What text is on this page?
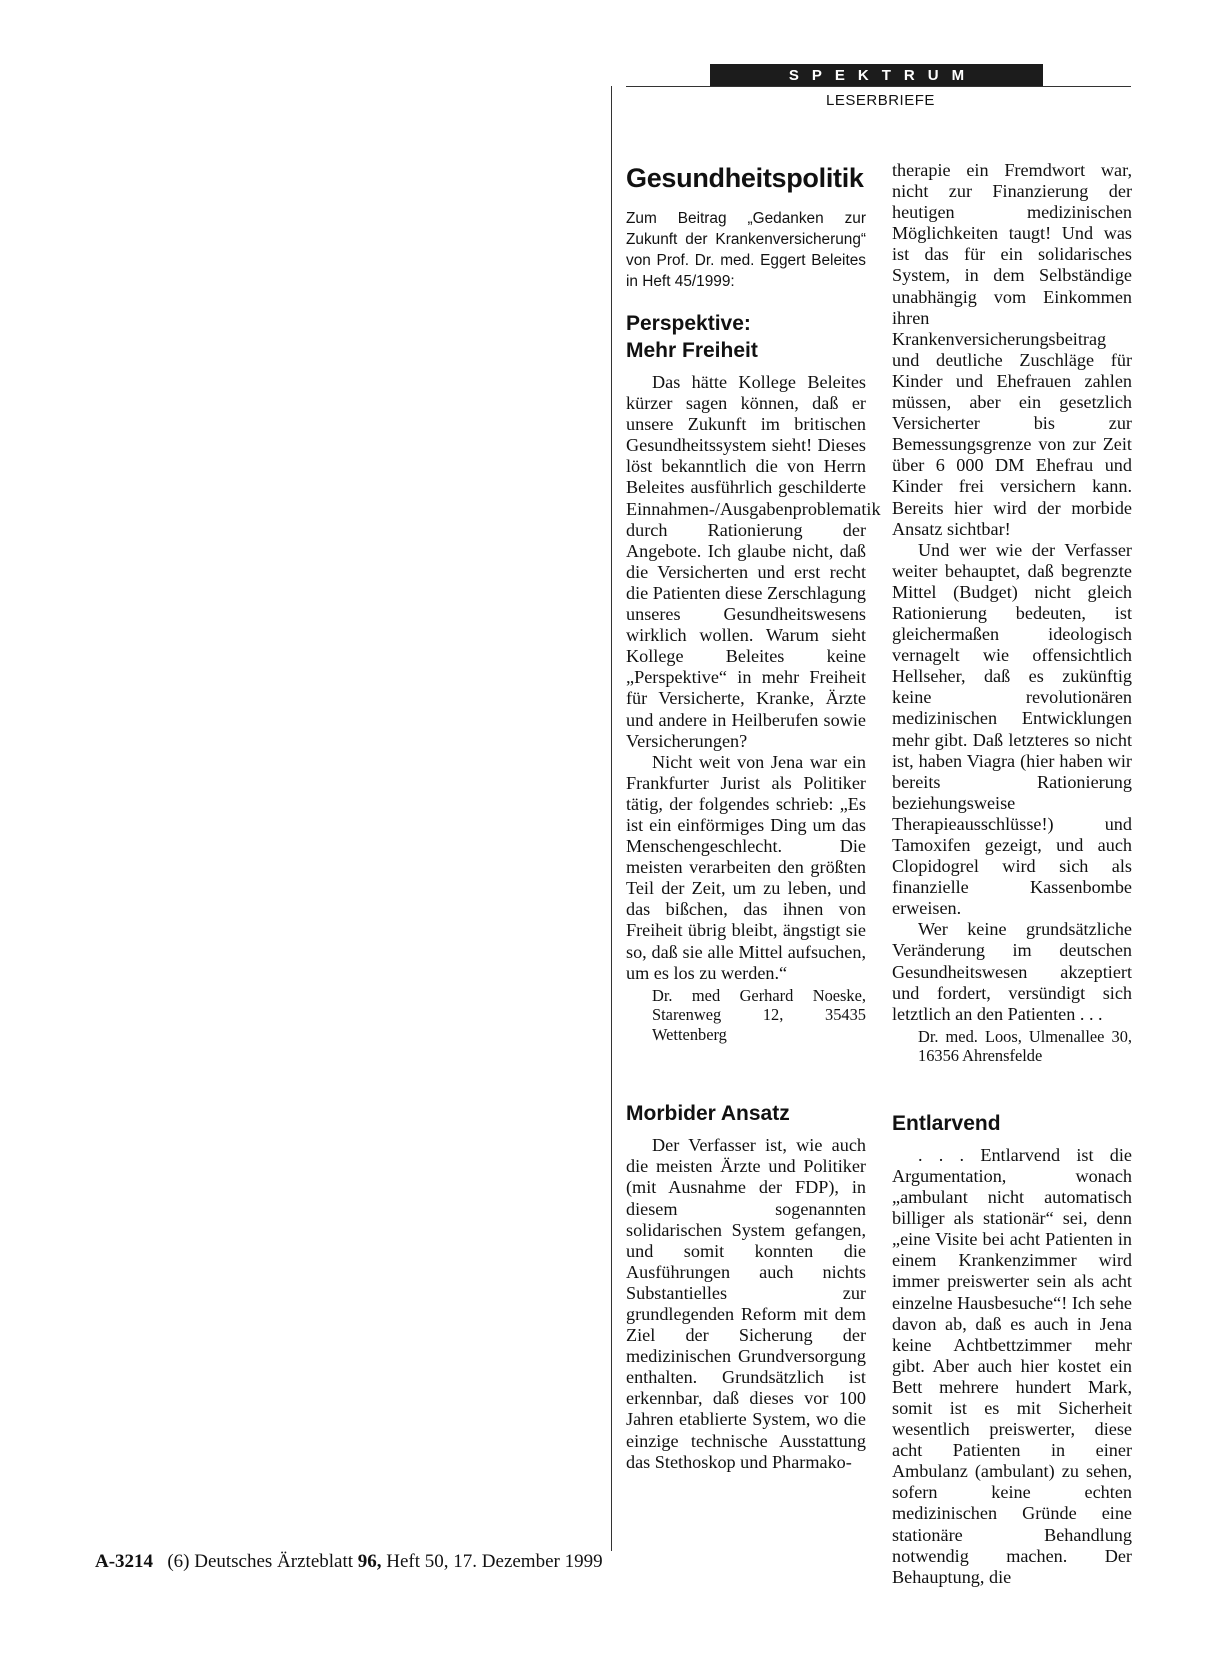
SPEKTRUM
LESERBRIEFE
Gesundheitspolitik
Zum Beitrag „Gedanken zur Zukunft der Krankenversicherung“ von Prof. Dr. med. Eggert Beleites in Heft 45/1999:
Perspektive:
Mehr Freiheit

Das hätte Kollege Beleites kürzer sagen können, daß er unsere Zukunft im britischen Gesundheitssystem sieht! Dieses löst bekanntlich die von Herrn Beleites ausführlich geschilderte Einnahmen-/Ausgabenproblematik durch Rationierung der Angebote. Ich glaube nicht, daß die Versicherten und erst recht die Patienten diese Zerschlagung unseres Gesundheitswesens wirklich wollen. Warum sieht Kollege Beleites keine „Perspektive“ in mehr Freiheit für Versicherte, Kranke, Ärzte und andere in Heilberufen sowie Versicherungen?

Nicht weit von Jena war ein Frankfurter Jurist als Politiker tätig, der folgendes schrieb: „Es ist ein einförmiges Ding um das Menschengeschlecht. Die meisten verarbeiten den größten Teil der Zeit, um zu leben, und das bißchen, das ihnen von Freiheit übrig bleibt, ängstigt sie so, daß sie alle Mittel aufsuchen, um es los zu werden.“

Dr. med Gerhard Noeske, Starenweg 12, 35435 Wettenberg
Morbider Ansatz

Der Verfasser ist, wie auch die meisten Ärzte und Politiker (mit Ausnahme der FDP), in diesem sogenannten solidarischen System gefangen, und somit konnten die Ausführungen auch nichts Substantielles zur grundlegenden Reform mit dem Ziel der Sicherung der medizinischen Grundversorgung enthalten. Grundsätzlich ist erkennbar, daß dieses vor 100 Jahren etablierte System, wo die einzige technische Ausstattung das Stethoskop und Pharmako-

therapie ein Fremdwort war, nicht zur Finanzierung der heutigen medizinischen Möglichkeiten taugt! Und was ist das für ein solidarisches System, in dem Selbständige unabhängig vom Einkommen ihren Krankenversicherungsbeitrag und deutliche Zuschläge für Kinder und Ehefrauen zahlen müssen, aber ein gesetzlich Versicherter bis zur Bemessungsgrenze von zur Zeit über 6 000 DM Ehefrau und Kinder frei versichern kann. Bereits hier wird der morbide Ansatz sichtbar!

Und wer wie der Verfasser weiter behauptet, daß begrenzte Mittel (Budget) nicht gleich Rationierung bedeuten, ist gleichermaßen ideologisch vernagelt wie offensichtlich Hellseher, daß es zukünftig keine revolutionären medizinischen Entwicklungen mehr gibt. Daß letzteres so nicht ist, haben Viagra (hier haben wir bereits Rationierung beziehungsweise Therapieausschlüsse!) und Tamoxifen gezeigt, und auch Clopidogrel wird sich als finanzielle Kassenbombe erweisen.

Wer keine grundsätzliche Veränderung im deutschen Gesundheitswesen akzeptiert und fordert, versündigt sich letztlich an den Patienten . . .

Dr. med. Loos, Ulmenallee 30, 16356 Ahrensfelde
Entlarvend

. . . Entlarvend ist die Argumentation, wonach „ambulant nicht automatisch billiger als stationär“ sei, denn „eine Visite bei acht Patienten in einem Krankenzimmer wird immer preiswerter sein als acht einzelne Hausbesuche“! Ich sehe davon ab, daß es auch in Jena keine Achtbettzimmer mehr gibt. Aber auch hier kostet ein Bett mehrere hundert Mark, somit ist es mit Sicherheit wesentlich preiswerter, diese acht Patienten in einer Ambulanz (ambulant) zu sehen, sofern keine echten medizinischen Gründe eine stationäre Behandlung notwendig machen. Der Behauptung, die

A-3214 (6) Deutsches Ärzteblatt 96, Heft 50, 17. Dezember 1999
